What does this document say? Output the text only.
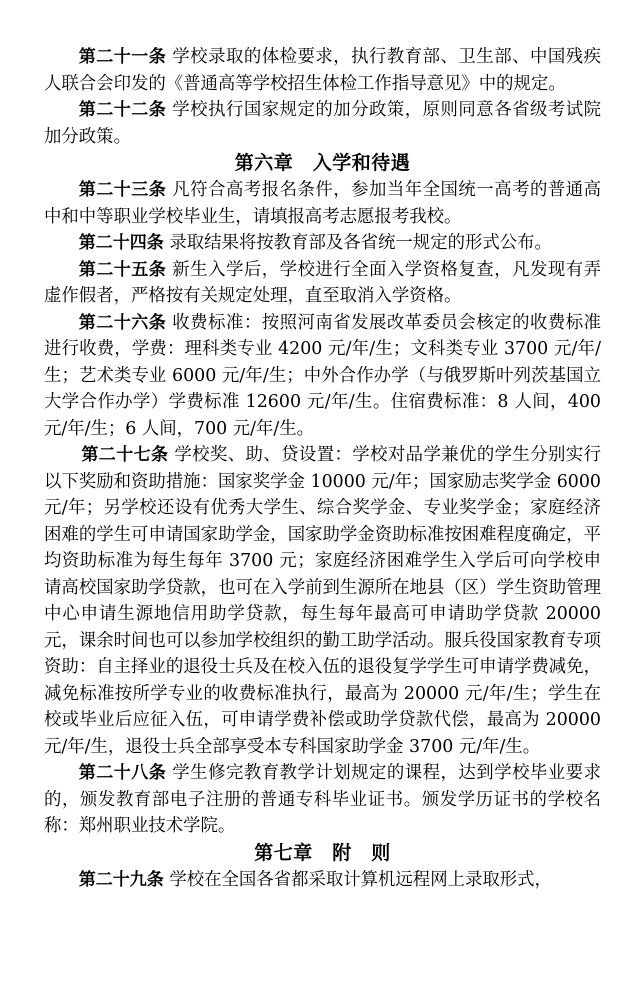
第二十一条 学校录取的体检要求，执行教育部、卫生部、中国残疾人联合会印发的《普通高等学校招生体检工作指导意见》中的规定。

第二十二条 学校执行国家规定的加分政策，原则同意各省级考试院加分政策。

第六章　入学和待遇

第二十三条 凡符合高考报名条件，参加当年全国统一高考的普通高中和中等职业学校毕业生，请填报高考志愿报考我校。

第二十四条 录取结果将按教育部及各省统一规定的形式公布。

第二十五条 新生入学后，学校进行全面入学资格复查，凡发现有弄虚作假者，严格按有关规定处理，直至取消入学资格。

第二十六条 收费标准：按照河南省发展改革委员会核定的收费标准进行收费，学费：理科类专业 4200 元/年/生；文科类专业 3700 元/年/生；艺术类专业 6000 元/年/生；中外合作办学（与俄罗斯叶列茨基国立大学合作办学）学费标准 12600 元/年/生。住宿费标准：8 人间，400 元/年/生；6 人间，700 元/年/生。

第二十七条 学校奖、助、贷设置：学校对品学兼优的学生分别实行以下奖励和资助措施：国家奖学金 10000 元/年；国家励志奖学金 6000 元/年；另学校还设有优秀大学生、综合奖学金、专业奖学金；家庭经济困难的学生可申请国家助学金，国家助学金资助标准按困难程度确定，平均资助标准为每生每年 3700 元；家庭经济困难学生入学后可向学校申请高校国家助学贷款，也可在入学前到生源所在地县（区）学生资助管理中心申请生源地信用助学贷款，每生每年最高可申请助学贷款 20000 元，课余时间也可以参加学校组织的勤工助学活动。服兵役国家教育专项资助：自主择业的退役士兵及在校入伍的退役复学学生可申请学费减免，减免标准按所学专业的收费标准执行，最高为 20000 元/年/生；学生在校或毕业后应征入伍，可申请学费补偿或助学贷款代偿，最高为 20000 元/年/生，退役士兵全部享受本专科国家助学金 3700 元/年/生。

第二十八条 学生修完教育教学计划规定的课程，达到学校毕业要求的，颁发教育部电子注册的普通专科毕业证书。颁发学历证书的学校名称：郑州职业技术学院。

第七章　附　则

第二十九条 学校在全国各省都采取计算机远程网上录取形式，
